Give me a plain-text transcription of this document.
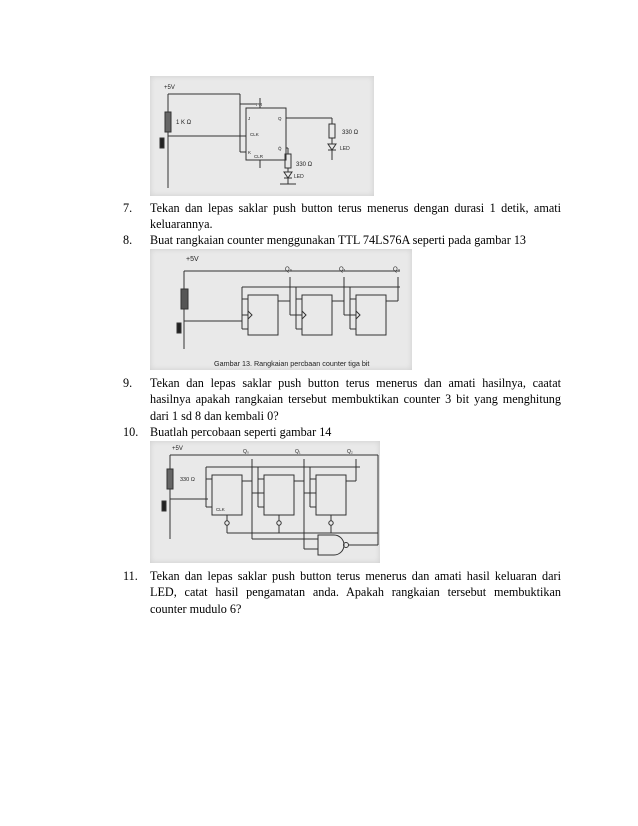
+5V
1 K Ω
PR
J	Q
CLK
K
Q̄
CLR
330 Ω
LED
330 Ω
LED
7.	Tekan dan lepas saklar push button terus menerus dengan durasi 1 detik, amati keluarannya.
8.	Buat rangkaian counter menggunakan TTL 74LS76A seperti pada gambar 13
+5V
Q₀	Q₁	Q₂
Gambar 13. Rangkaian percbaan counter tiga bit
9.	Tekan dan lepas saklar push button terus menerus dan amati hasilnya, caatat hasilnya apakah rangkaian tersebut membuktikan counter 3 bit yang menghitung dari 1 sd 8 dan kembali 0?
10. Buatlah percobaan seperti gambar 14
+5V
330 Ω
Q₀	Q₁	Q₂
CLK
11.	Tekan dan lepas saklar push button terus menerus dan amati hasil keluaran dari LED, catat hasil pengamatan anda. Apakah rangkaian tersebut membuktikan counter mudulo 6?
